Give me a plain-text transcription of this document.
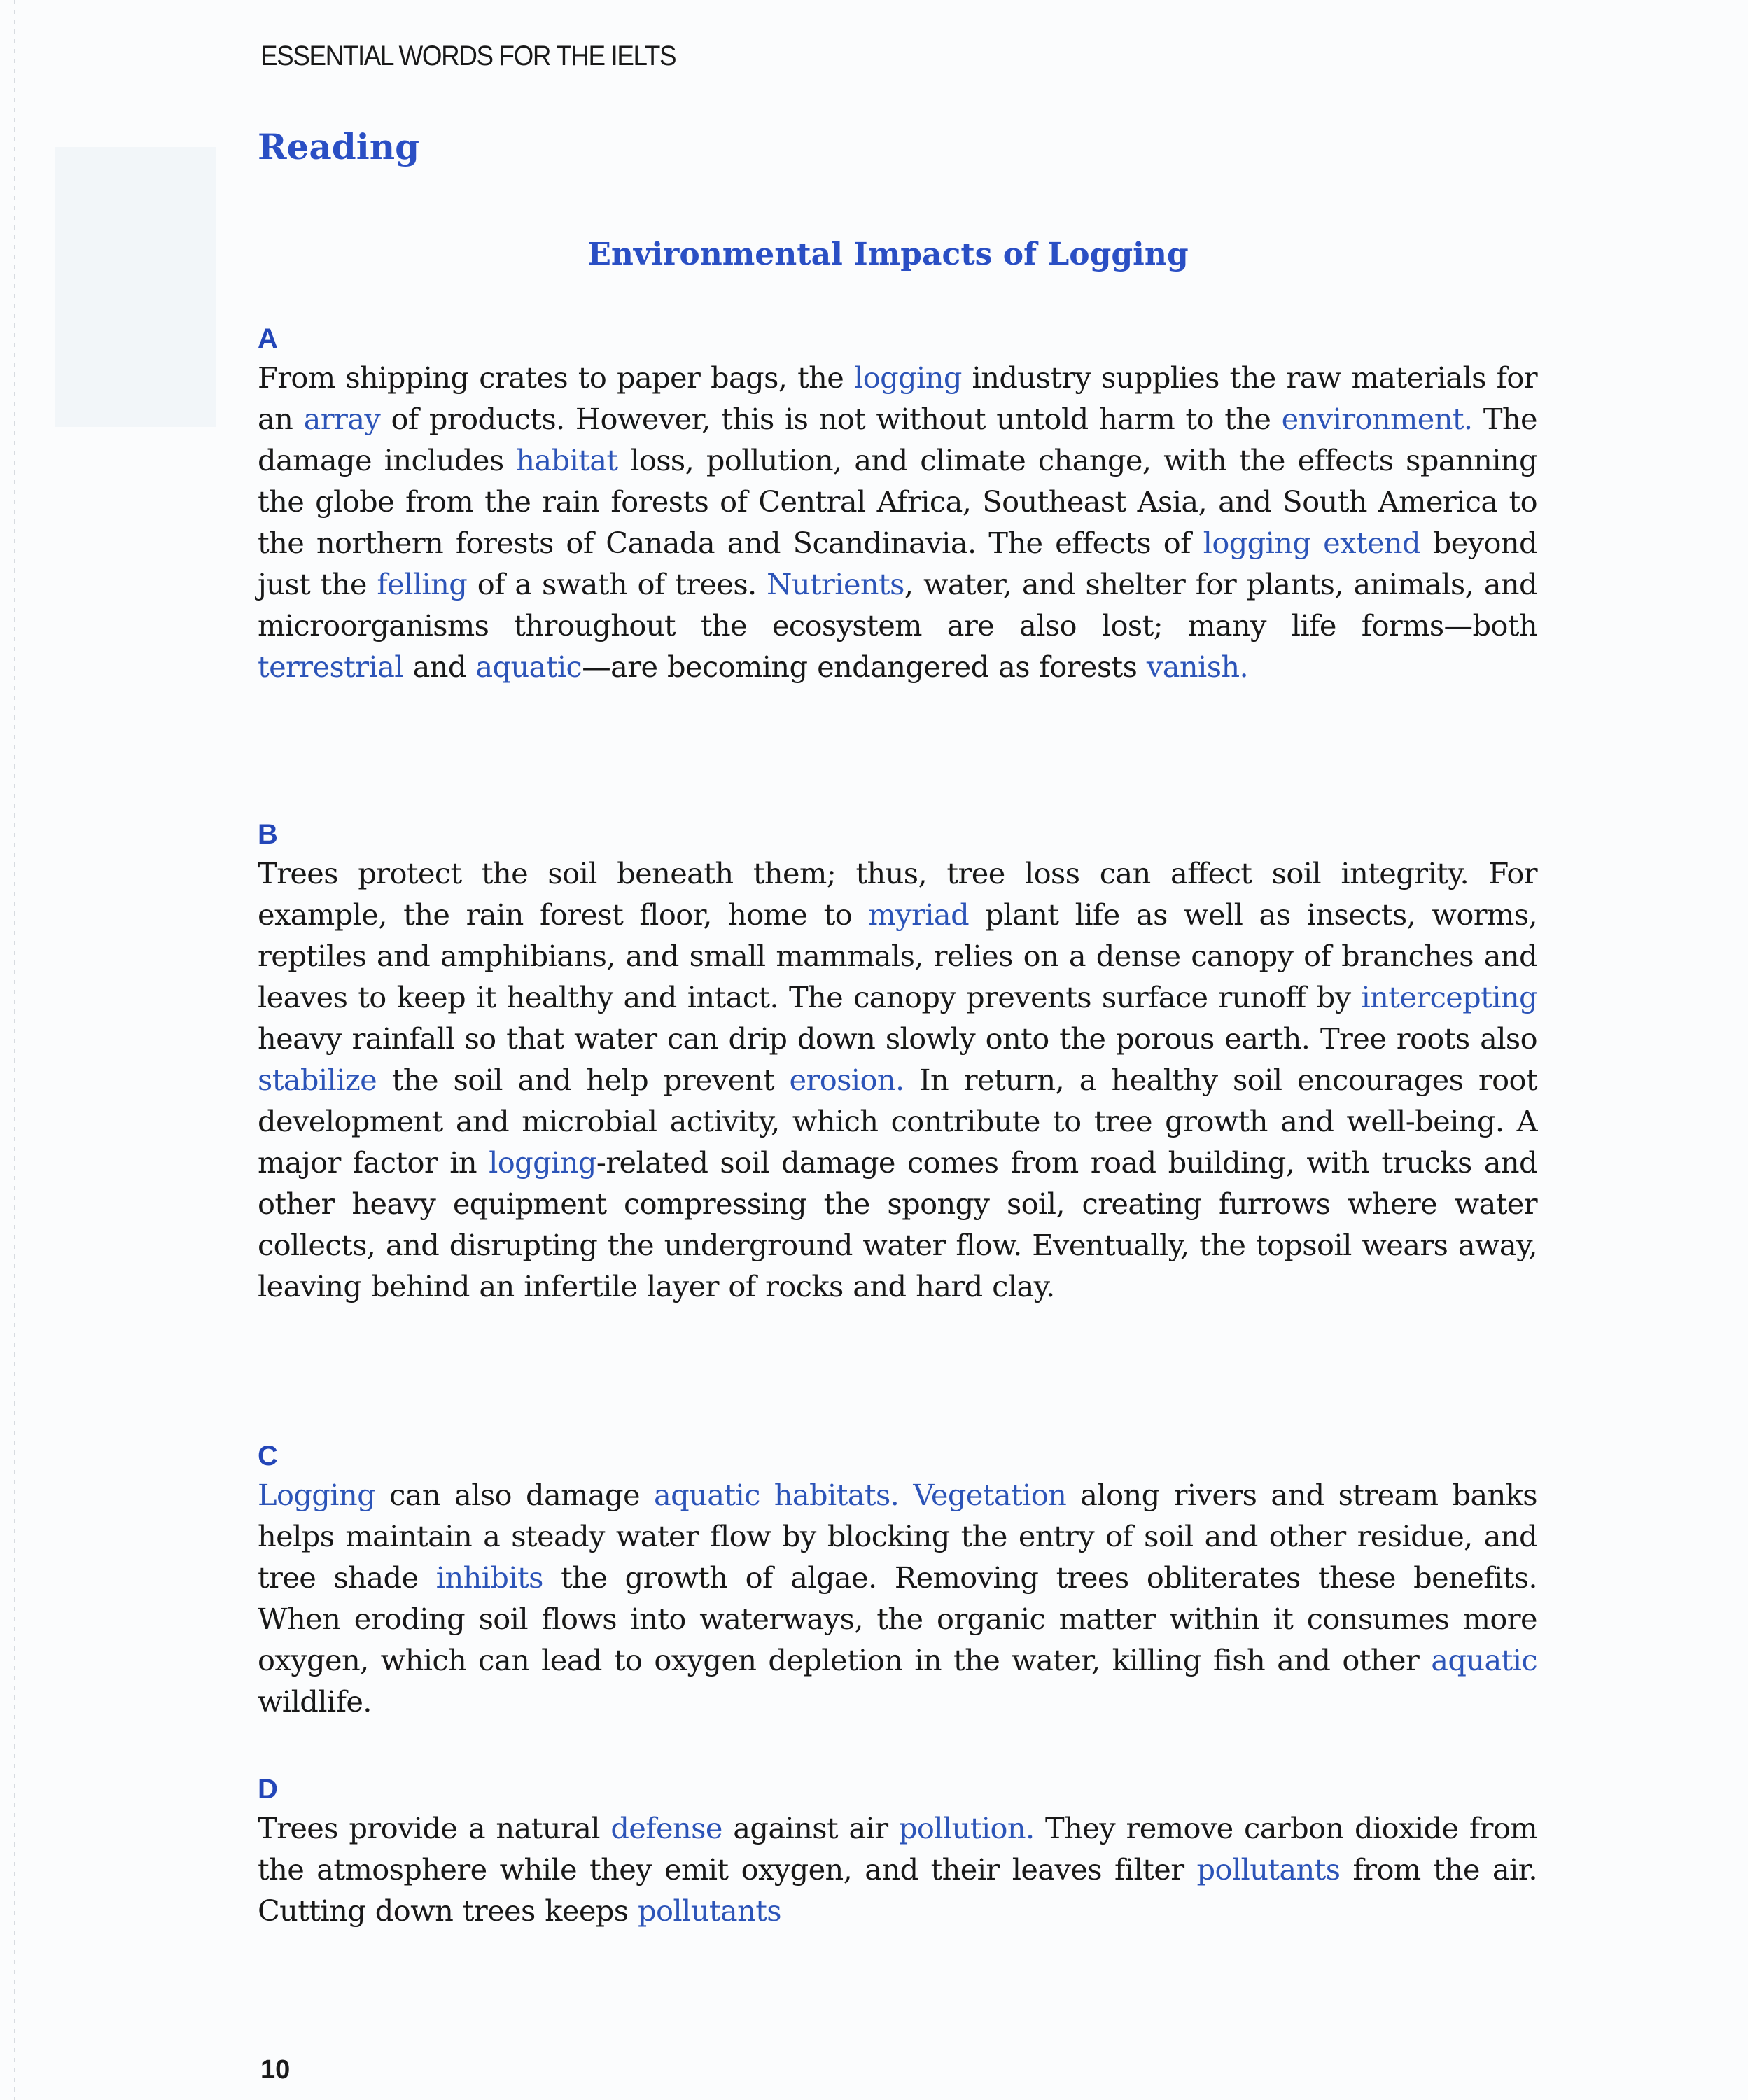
ESSENTIAL WORDS FOR THE IELTS
Reading
Environmental Impacts of Logging
A
From shipping crates to paper bags, the logging industry supplies the raw materials for an array of products. However, this is not without untold harm to the environment. The damage includes habitat loss, pollution, and climate change, with the effects spanning the globe from the rain forests of Central Africa, Southeast Asia, and South America to the northern forests of Canada and Scandinavia. The effects of logging extend beyond just the felling of a swath of trees. Nutrients, water, and shelter for plants, animals, and microorganisms throughout the ecosystem are also lost; many life forms—both terrestrial and aquatic—are becoming endangered as forests vanish.
B
Trees protect the soil beneath them; thus, tree loss can affect soil integrity. For example, the rain forest floor, home to myriad plant life as well as insects, worms, reptiles and amphibians, and small mammals, relies on a dense canopy of branches and leaves to keep it healthy and intact. The canopy prevents surface runoff by intercepting heavy rainfall so that water can drip down slowly onto the porous earth. Tree roots also stabilize the soil and help prevent erosion. In return, a healthy soil encourages root development and microbial activity, which contribute to tree growth and well-being. A major factor in logging-related soil damage comes from road building, with trucks and other heavy equipment compressing the spongy soil, creating furrows where water collects, and disrupting the underground water flow. Eventually, the topsoil wears away, leaving behind an infertile layer of rocks and hard clay.
C
Logging can also damage aquatic habitats. Vegetation along rivers and stream banks helps maintain a steady water flow by blocking the entry of soil and other residue, and tree shade inhibits the growth of algae. Removing trees obliterates these benefits. When eroding soil flows into waterways, the organic matter within it consumes more oxygen, which can lead to oxygen depletion in the water, killing fish and other aquatic wildlife.
D
Trees provide a natural defense against air pollution. They remove carbon dioxide from the atmosphere while they emit oxygen, and their leaves filter pollutants from the air. Cutting down trees keeps pollutants
10
